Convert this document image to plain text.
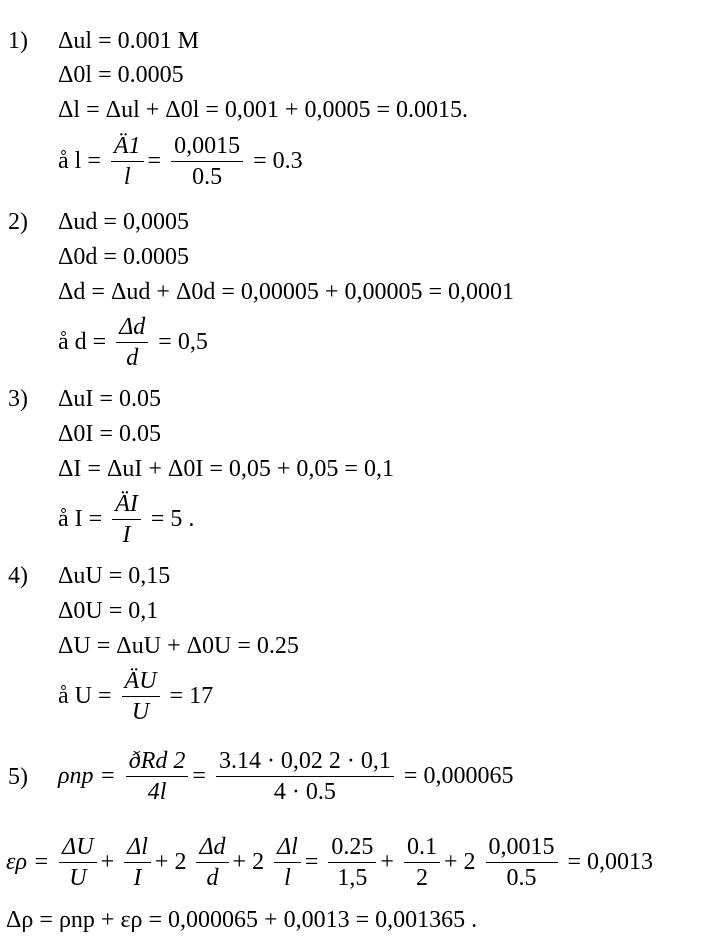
1) Δul = 0.001 M
Δ0l = 0.0005
Δl = Δul + Δ0l = 0,001 + 0,0005 = 0.0015.
å $l = \frac{Ä1}{l} = \frac{0,0015}{0.5} = 0.3$
2) Δud = 0,0005
Δ0d = 0.0005
Δd = Δud + Δ0d = 0,00005 + 0,00005 = 0,0001
å $d = \frac{\Delta d}{d} = 0,5$
3) ΔuI = 0.05
Δ0I = 0.05
ΔI = ΔuI + Δ0I = 0,05 + 0,05 = 0,1
å $I = \frac{ÄI}{I} = 5$ .
4) ΔuU = 0,15
Δ0U = 0,1
ΔU = ΔuU + Δ0U = 0.25
å $U = \frac{ÄU}{U} = 17$
5) $\rho np = \frac{\text{ðRd 2}}{4l} = \frac{3.14 \cdot 0,02 2 \cdot 0,1}{4 \cdot 0.5} = 0,000065$
$\varepsilon\rho = \frac{\Delta U}{U} + \frac{\Delta l}{I} + 2 \frac{\Delta d}{d} + 2 \frac{\Delta l}{l} = \frac{0.25}{1,5} + \frac{0.1}{2} + 2 \frac{0,0015}{0.5} = 0,0013$
Δρ = ρnp + ερ = 0,000065 + 0,0013 = 0,001365 .
